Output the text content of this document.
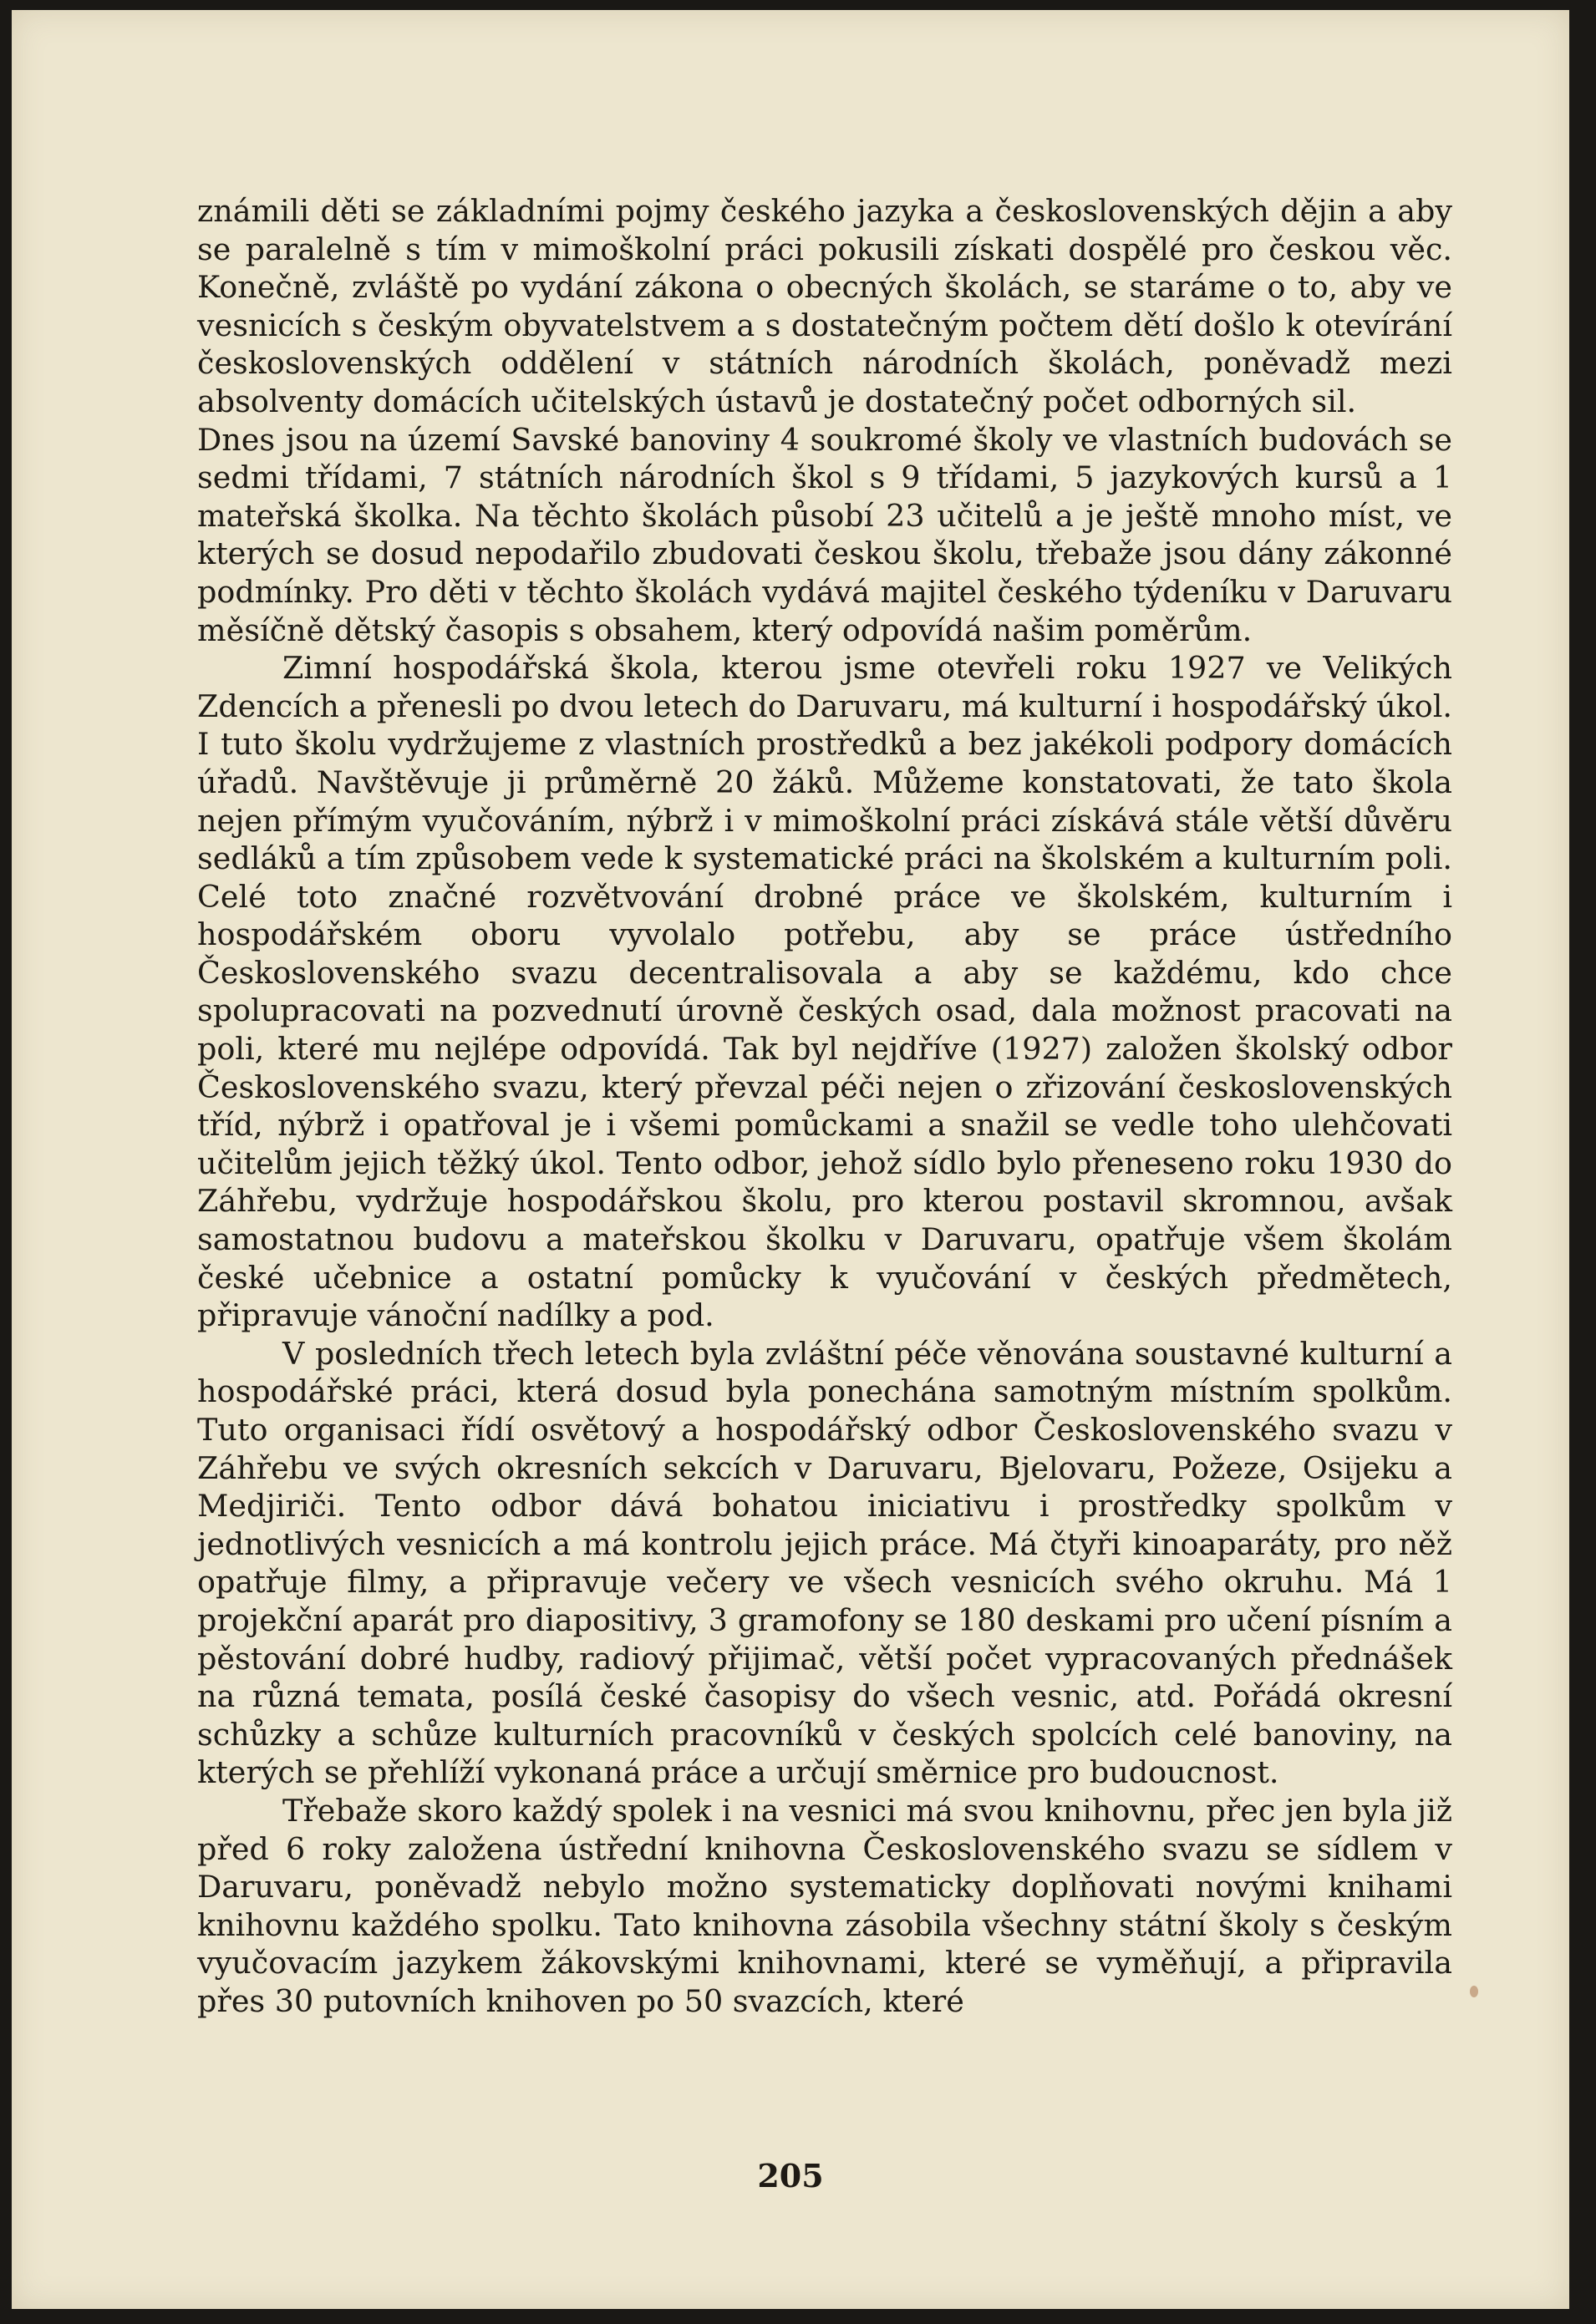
známili děti se základními pojmy českého jazyka a československých dějin a aby se paralelně s tím v mimoškolní práci pokusili získati dospělé pro českou věc. Konečně, zvláště po vydání zákona o obecných školách, se staráme o to, aby ve vesnicích s českým obyvatelstvem a s dostatečným počtem dětí došlo k otevírání československých oddělení v státních národních školách, poněvadž mezi absolventy domácích učitelských ústavů je dostatečný počet odborných sil.

Dnes jsou na území Savské banoviny 4 soukromé školy ve vlastních budovách se sedmi třídami, 7 státních národních škol s 9 třídami, 5 jazykových kursů a 1 mateřská školka. Na těchto školách působí 23 učitelů a je ještě mnoho míst, ve kterých se dosud nepodařilo zbudovati českou školu, třebaže jsou dány zákonné podmínky. Pro děti v těchto školách vydává majitel českého týdeníku v Daruvaru měsíčně dětský časopis s obsahem, který odpovídá našim poměrům.

Zimní hospodářská škola, kterou jsme otevřeli roku 1927 ve Velikých Zdencích a přenesli po dvou letech do Daruvaru, má kulturní i hospodářský úkol. I tuto školu vydržujeme z vlastních prostředků a bez jakékoli podpory domácích úřadů. Navštěvuje ji průměrně 20 žáků. Můžeme konstatovati, že tato škola nejen přímým vyučováním, nýbrž i v mimoškolní práci získává stále větší důvěru sedláků a tím způsobem vede k systematické práci na školském a kulturním poli. Celé toto značné rozvětvování drobné práce ve školském, kulturním i hospodářském oboru vyvolalo potřebu, aby se práce ústředního Československého svazu decentralisovala a aby se každému, kdo chce spolupracovati na pozvednutí úrovně českých osad, dala možnost pracovati na poli, které mu nejlépe odpovídá. Tak byl nejdříve (1927) založen školský odbor Československého svazu, který převzal péči nejen o zřizování československých tříd, nýbrž i opatřoval je i všemi pomůckami a snažil se vedle toho ulehčovati učitelům jejich těžký úkol. Tento odbor, jehož sídlo bylo přeneseno roku 1930 do Záhřebu, vydržuje hospodářskou školu, pro kterou postavil skromnou, avšak samostatnou budovu a mateřskou školku v Daruvaru, opatřuje všem školám české učebnice a ostatní pomůcky k vyučování v českých předmětech, připravuje vánoční nadílky a pod.

V posledních třech letech byla zvláštní péče věnována soustavné kulturní a hospodářské práci, která dosud byla ponechána samotným místním spolkům. Tuto organisaci řídí osvětový a hospodářský odbor Československého svazu v Záhřebu ve svých okresních sekcích v Daruvaru, Bjelovaru, Požeze, Osijeku a Medjiriči. Tento odbor dává bohatou iniciativu i prostředky spolkům v jednotlivých vesnicích a má kontrolu jejich práce. Má čtyři kinoaparáty, pro něž opatřuje filmy, a připravuje večery ve všech vesnicích svého okruhu. Má 1 projekční aparát pro diapositivy, 3 gramofony se 180 deskami pro učení písním a pěstování dobré hudby, radiový přijimač, větší počet vypracovaných přednášek na různá temata, posílá české časopisy do všech vesnic, atd. Pořádá okresní schůzky a schůze kulturních pracovníků v českých spolcích celé banoviny, na kterých se přehlíží vykonaná práce a určují směrnice pro budoucnost.

Třebaže skoro každý spolek i na vesnici má svou knihovnu, přec jen byla již před 6 roky založena ústřední knihovna Československého svazu se sídlem v Daruvaru, poněvadž nebylo možno systematicky doplňovati novými knihami knihovnu každého spolku. Tato knihovna zásobila všechny státní školy s českým vyučovacím jazykem žákovskými knihovnami, které se vyměňují, a připravila přes 30 putovních knihoven po 50 svazcích, které

205
